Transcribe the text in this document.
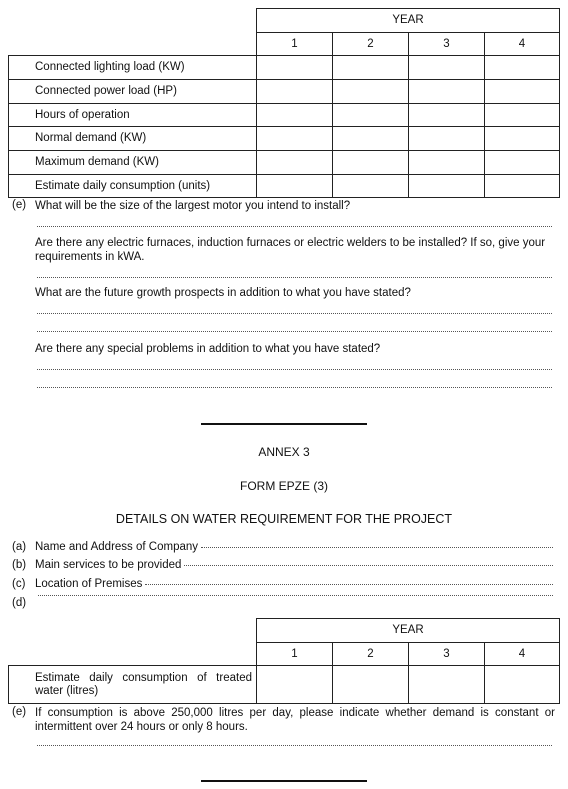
	YEAR			
	1	2	3	4
Connected lighting load (KW)				
Connected power load (HP)				
Hours of operation				
Normal demand (KW)				
Maximum demand (KW)				
Estimate daily consumption (units)				
(e) What will be the size of the largest motor you intend to install?
Are there any electric furnaces, induction furnaces or electric welders to be installed? If so, give your requirements in kWA.
What are the future growth prospects in addition to what you have stated?
Are there any special problems in addition to what you have stated?
ANNEX 3
FORM EPZE (3)
DETAILS ON WATER REQUIREMENT FOR THE PROJECT
(a) Name and Address of Company
(b) Main services to be provided
(c) Location of Premises
(d)
	YEAR			
	1	2	3	4
Estimate daily consumption of treated water (litres)				
(e) If consumption is above 250,000 litres per day, please indicate whether demand is constant or intermittent over 24 hours or only 8 hours.
